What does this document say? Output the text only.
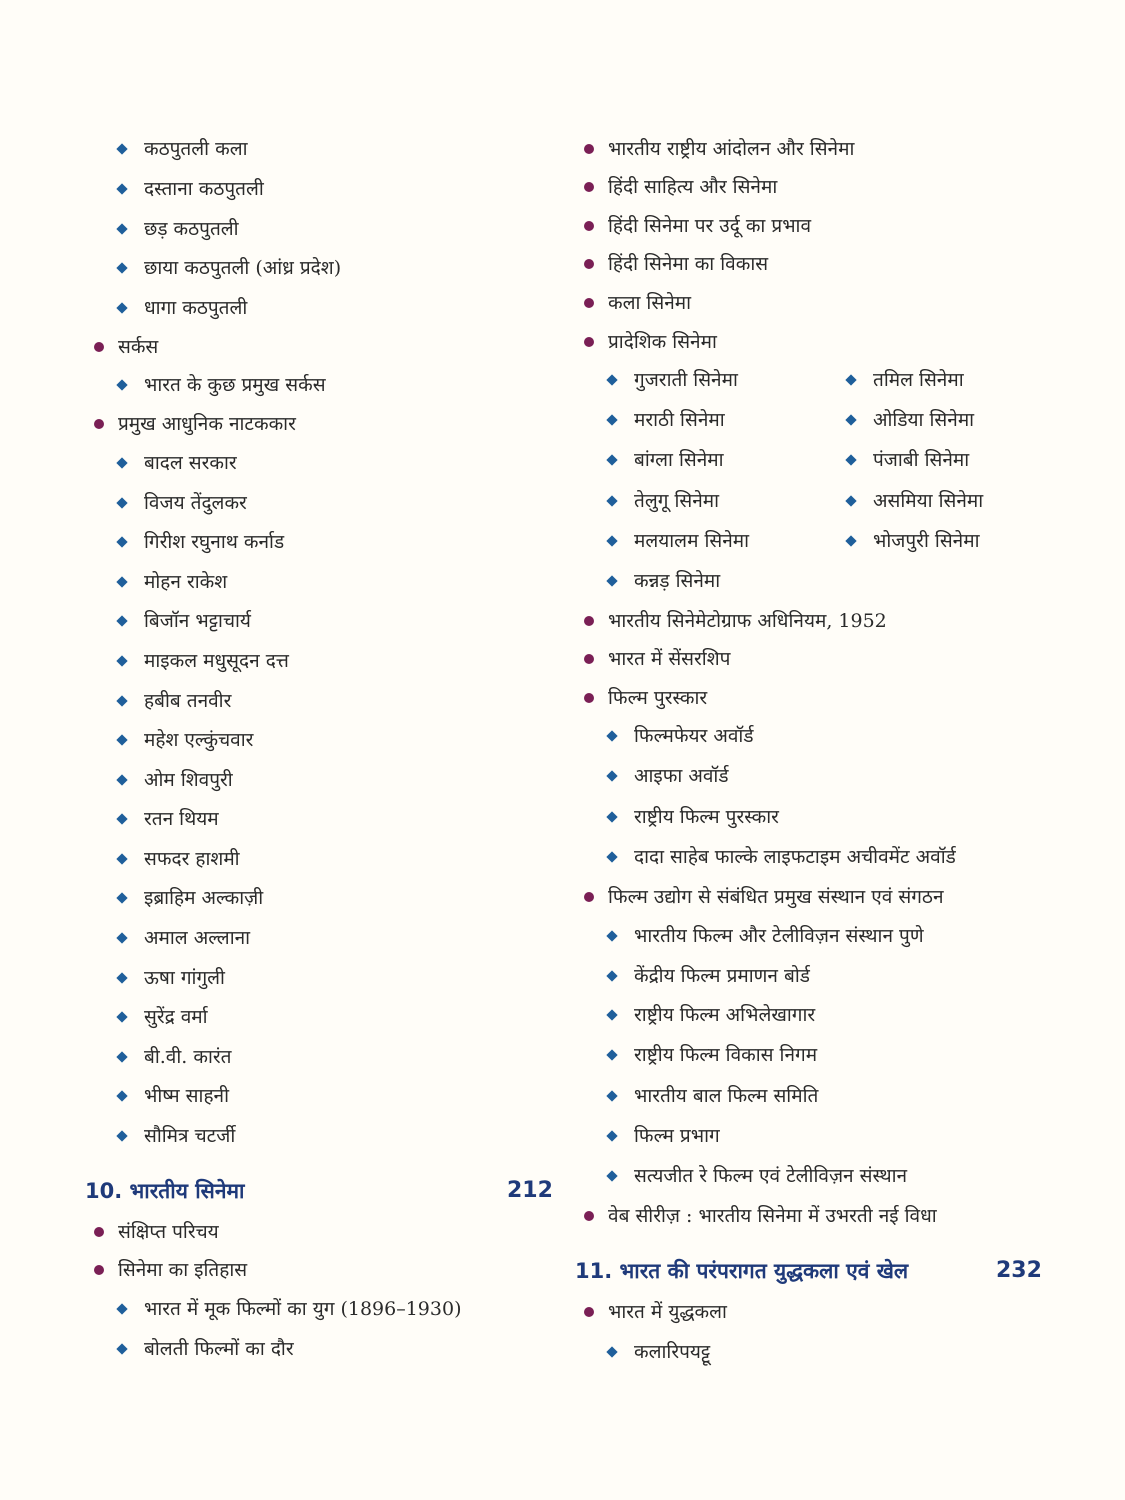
10. भारतीय सिनेमा	212
11. भारत की परंपरागत युद्धकला एवं खेल	232
कठपुतली कला
दस्ताना कठपुतली
छड़ कठपुतली
छाया कठपुतली (आंध्र प्रदेश)
धागा कठपुतली
सर्कस
भारत के कुछ प्रमुख सर्कस
प्रमुख आधुनिक नाटककार
बादल सरकार
विजय तेंदुलकर
गिरीश रघुनाथ कर्नाड
मोहन राकेश
बिजॉन भट्टाचार्य
माइकल मधुसूदन दत्त
हबीब तनवीर
महेश एल्कुंचवार
ओम शिवपुरी
रतन थियम
सफदर हाशमी
इब्राहिम अल्काज़ी
अमाल अल्लाना
ऊषा गांगुली
सुरेंद्र वर्मा
बी.वी. कारंत
भीष्म साहनी
सौमित्र चटर्जी
संक्षिप्त परिचय
सिनेमा का इतिहास
भारत में मूक फिल्मों का युग (1896–1930)
बोलती फिल्मों का दौर
भारतीय राष्ट्रीय आंदोलन और सिनेमा
हिंदी साहित्य और सिनेमा
हिंदी सिनेमा पर उर्दू का प्रभाव
हिंदी सिनेमा का विकास
कला सिनेमा
प्रादेशिक सिनेमा
गुजराती सिनेमा
मराठी सिनेमा
बांग्ला सिनेमा
तेलुगू सिनेमा
मलयालम सिनेमा
कन्नड़ सिनेमा
तमिल सिनेमा
ओडिया सिनेमा
पंजाबी सिनेमा
असमिया सिनेमा
भोजपुरी सिनेमा
भारतीय सिनेमेटोग्राफ अधिनियम, 1952
भारत में सेंसरशिप
फिल्म पुरस्कार
फिल्मफेयर अवॉर्ड
आइफा अवॉर्ड
राष्ट्रीय फिल्म पुरस्कार
दादा साहेब फाल्के लाइफटाइम अचीवमेंट अवॉर्ड
फिल्म उद्योग से संबंधित प्रमुख संस्थान एवं संगठन
भारतीय फिल्म और टेलीविज़न संस्थान पुणे
केंद्रीय फिल्म प्रमाणन बोर्ड
राष्ट्रीय फिल्म अभिलेखागार
राष्ट्रीय फिल्म विकास निगम
भारतीय बाल फिल्म समिति
फिल्म प्रभाग
सत्यजीत रे फिल्म एवं टेलीविज़न संस्थान
वेब सीरीज़ : भारतीय सिनेमा में उभरती नई विधा
भारत में युद्धकला
कलारिपयट्टू
